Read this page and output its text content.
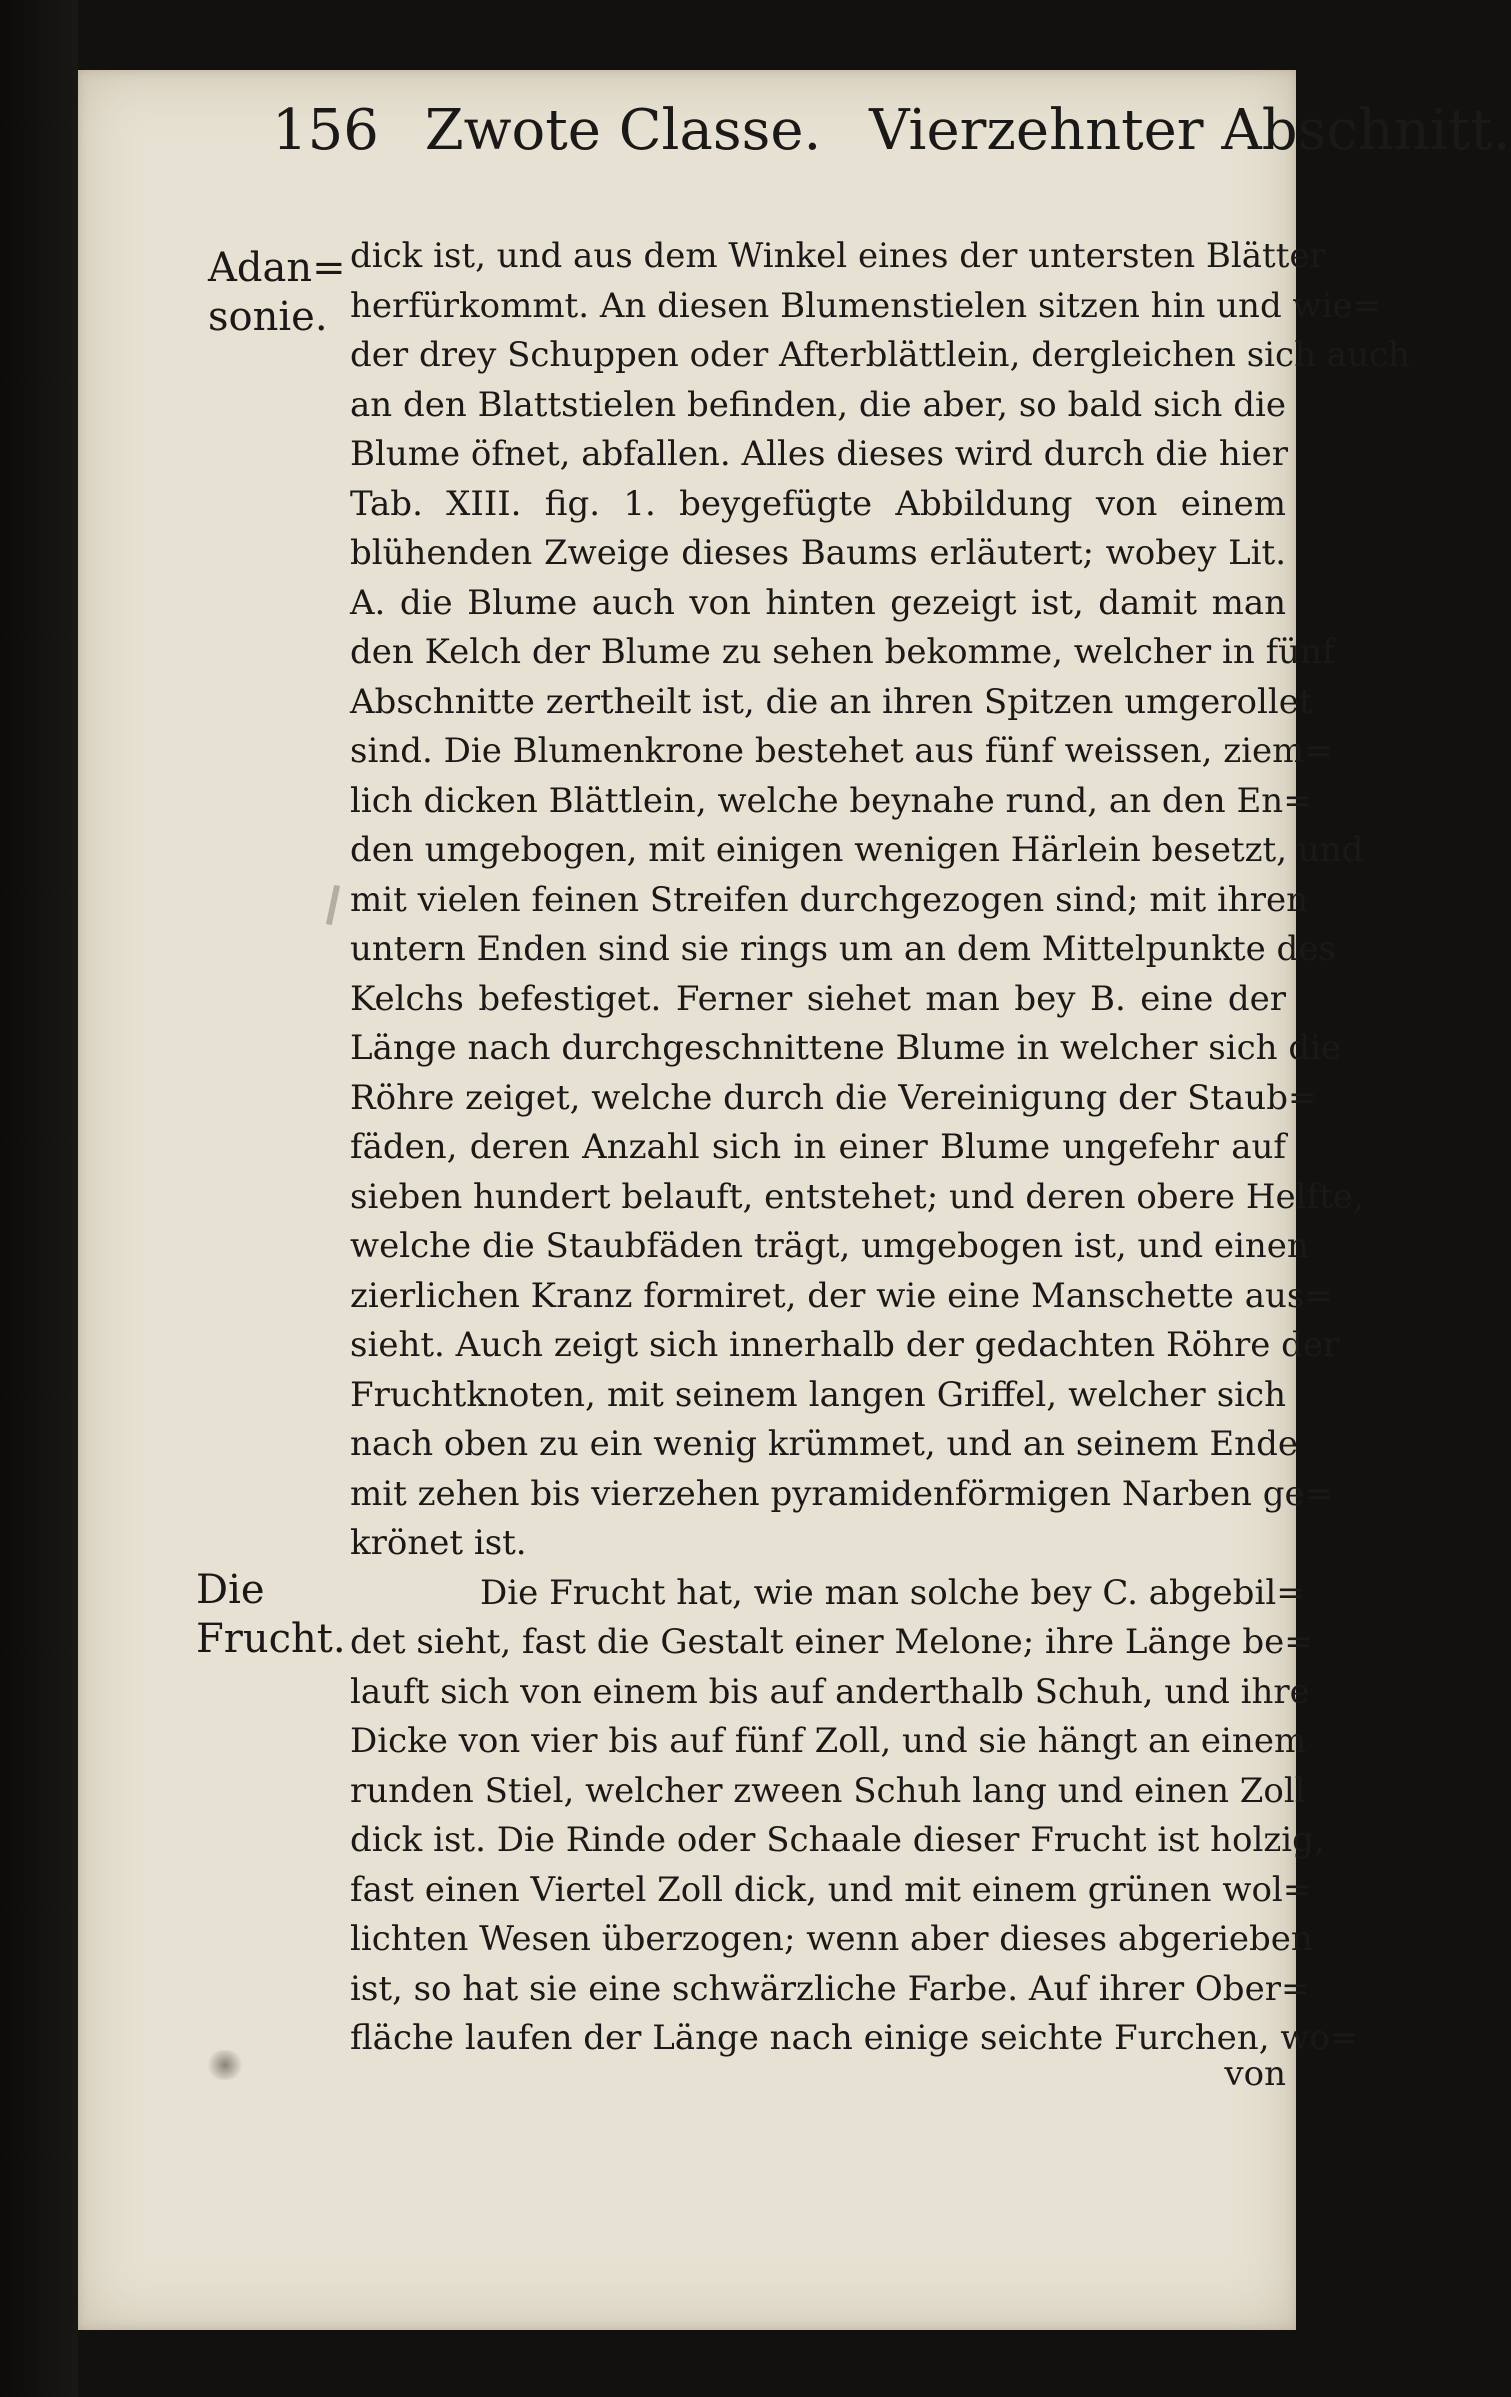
156 Zwote Classe. Vierzehnter Abschnitt.
Adan=
sonie.
Die
Frucht.
dick ist, und aus dem Winkel eines der untersten Blätter
herfürkommt. An diesen Blumenstielen sitzen hin und wie=
der drey Schuppen oder Afterblättlein, dergleichen sich auch
an den Blattstielen befinden, die aber, so bald sich die
Blume öfnet, abfallen. Alles dieses wird durch die hier
Tab. XIII. fig. 1. beygefügte Abbildung von einem
blühenden Zweige dieses Baums erläutert; wobey Lit.
A. die Blume auch von hinten gezeigt ist, damit man
den Kelch der Blume zu sehen bekomme, welcher in fünf
Abschnitte zertheilt ist, die an ihren Spitzen umgerollet
sind. Die Blumenkrone bestehet aus fünf weissen, ziem=
lich dicken Blättlein, welche beynahe rund, an den En=
den umgebogen, mit einigen wenigen Härlein besetzt, und
mit vielen feinen Streifen durchgezogen sind; mit ihren
untern Enden sind sie rings um an dem Mittelpunkte des
Kelchs befestiget. Ferner siehet man bey B. eine der
Länge nach durchgeschnittene Blume in welcher sich die
Röhre zeiget, welche durch die Vereinigung der Staub=
fäden, deren Anzahl sich in einer Blume ungefehr auf
sieben hundert belauft, entstehet; und deren obere Helfte,
welche die Staubfäden trägt, umgebogen ist, und einen
zierlichen Kranz formiret, der wie eine Manschette aus=
sieht. Auch zeigt sich innerhalb der gedachten Röhre der
Fruchtknoten, mit seinem langen Griffel, welcher sich
nach oben zu ein wenig krümmet, und an seinem Ende
mit zehen bis vierzehen pyramidenförmigen Narben ge=
krönet ist.
Die Frucht hat, wie man solche bey C. abgebil=
det sieht, fast die Gestalt einer Melone; ihre Länge be=
lauft sich von einem bis auf anderthalb Schuh, und ihre
Dicke von vier bis auf fünf Zoll, und sie hängt an einem
runden Stiel, welcher zween Schuh lang und einen Zoll
dick ist. Die Rinde oder Schaale dieser Frucht ist holzig,
fast einen Viertel Zoll dick, und mit einem grünen wol=
lichten Wesen überzogen; wenn aber dieses abgerieben
ist, so hat sie eine schwärzliche Farbe. Auf ihrer Ober=
fläche laufen der Länge nach einige seichte Furchen, wo=
von
